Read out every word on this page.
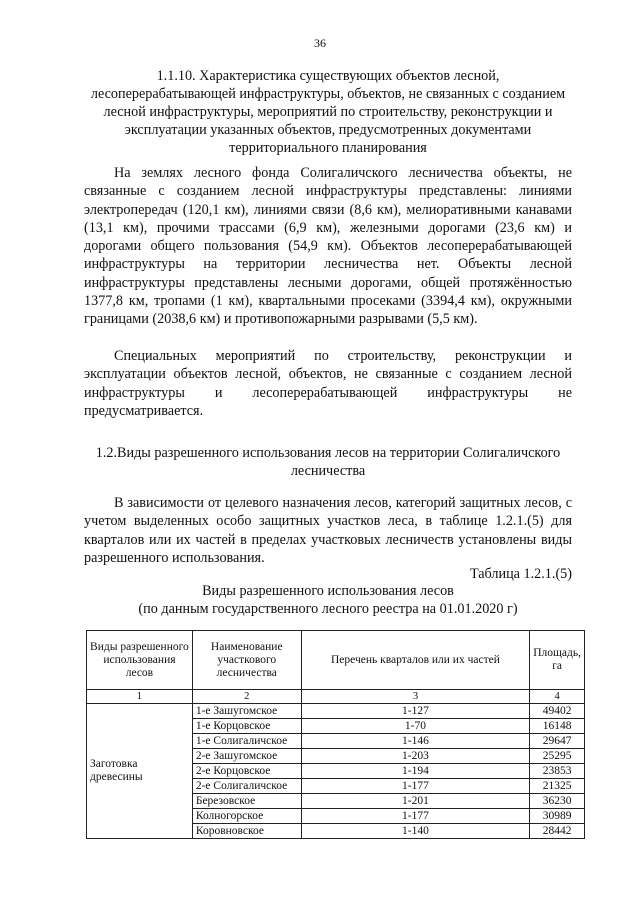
36
1.1.10. Характеристика существующих объектов лесной, лесоперерабатывающей инфраструктуры, объектов, не связанных с созданием лесной инфраструктуры, мероприятий по строительству, реконструкции и эксплуатации указанных объектов, предусмотренных документами территориального планирования

На землях лесного фонда Солигаличского лесничества объекты, не связанные с созданием лесной инфраструктуры представлены: линиями электропередач (120,1 км), линиями связи (8,6 км), мелиоративными канавами (13,1 км), прочими трассами (6,9 км), железными дорогами (23,6 км) и дорогами общего пользования (54,9 км). Объектов лесоперерабатывающей инфраструктуры на территории лесничества нет. Объекты лесной инфраструктуры представлены лесными дорогами, общей протяжённостью 1377,8 км, тропами (1 км), квартальными просеками (3394,4 км), окружными границами (2038,6 км) и противопожарными разрывами (5,5 км).

Специальных мероприятий по строительству, реконструкции и эксплуатации объектов лесной, объектов, не связанные с созданием лесной инфраструктуры и лесоперерабатывающей инфраструктуры не предусматривается.

1.2.Виды разрешенного использования лесов на территории Солигаличского лесничества

В зависимости от целевого назначения лесов, категорий защитных лесов, с учетом выделенных особо защитных участков леса, в таблице 1.2.1.(5) для кварталов или их частей в пределах участковых лесничеств установлены виды разрешенного использования.

Таблица 1.2.1.(5)
Виды разрешенного использования лесов
(по данным государственного лесного реестра на 01.01.2020 г)
Виды разрешенного использования лесов	Наименование участкового лесничества	Перечень кварталов или их частей	Площадь, га
1	2	3	4
Заготовка древесины	1-е Зашугомское	1-127	49402
	1-е Корцовское	1-70	16148
	1-е Солигаличское	1-146	29647
	2-е Зашугомское	1-203	25295
	2-е Корцовское	1-194	23853
	2-е Солигаличское	1-177	21325
	Березовское	1-201	36230
	Колногорское	1-177	30989
	Коровновское	1-140	28442
